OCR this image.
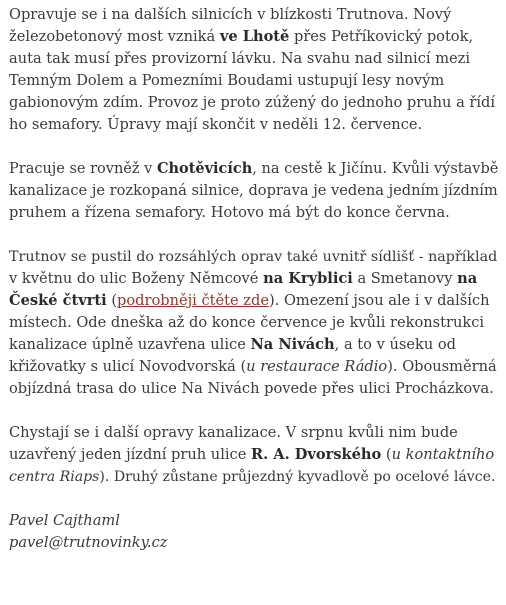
Opravuje se i na dalších silnicích v blízkosti Trutnova. Nový
železobetonový most vzniká ve Lhotě přes Petříkovický potok,
auta tak musí přes provizorní lávku. Na svahu nad silnicí mezi
Temným Dolem a Pomezními Boudami ustupují lesy novým
gabionovým zdím. Provoz je proto zúžený do jednoho pruhu a řídí
ho semafory. Úpravy mají skončit v neděli 12. července.

Pracuje se rovněž v Chotěvicích, na cestě k Jičínu. Kvůli výstavbě
kanalizace je rozkopaná silnice, doprava je vedena jedním jízdním
pruhem a řízena semafory. Hotovo má být do konce června.

Trutnov se pustil do rozsáhlých oprav také uvnitř sídlišť - například
v květnu do ulic Boženy Němcové na Kryblici a Smetanovy na
České čtvrti (podrobněji čtěte zde). Omezení jsou ale i v dalších
místech. Ode dneška až do konce července je kvůli rekonstrukci
kanalizace úplně uzavřena ulice Na Nivách, a to v úseku od
křižovatky s ulicí Novodvorská (u restaurace Rádio). Obousměrná
objízdná trasa do ulice Na Nivách povede přes ulici Procházkova.

Chystají se i další opravy kanalizace. V srpnu kvůli nim bude
uzavřený jeden jízdní pruh ulice R. A. Dvorského (u kontaktního
centra Riaps). Druhý zůstane průjezdný kyvadlově po ocelové lávce.

Pavel Cajthaml
pavel@trutnovinky.cz
